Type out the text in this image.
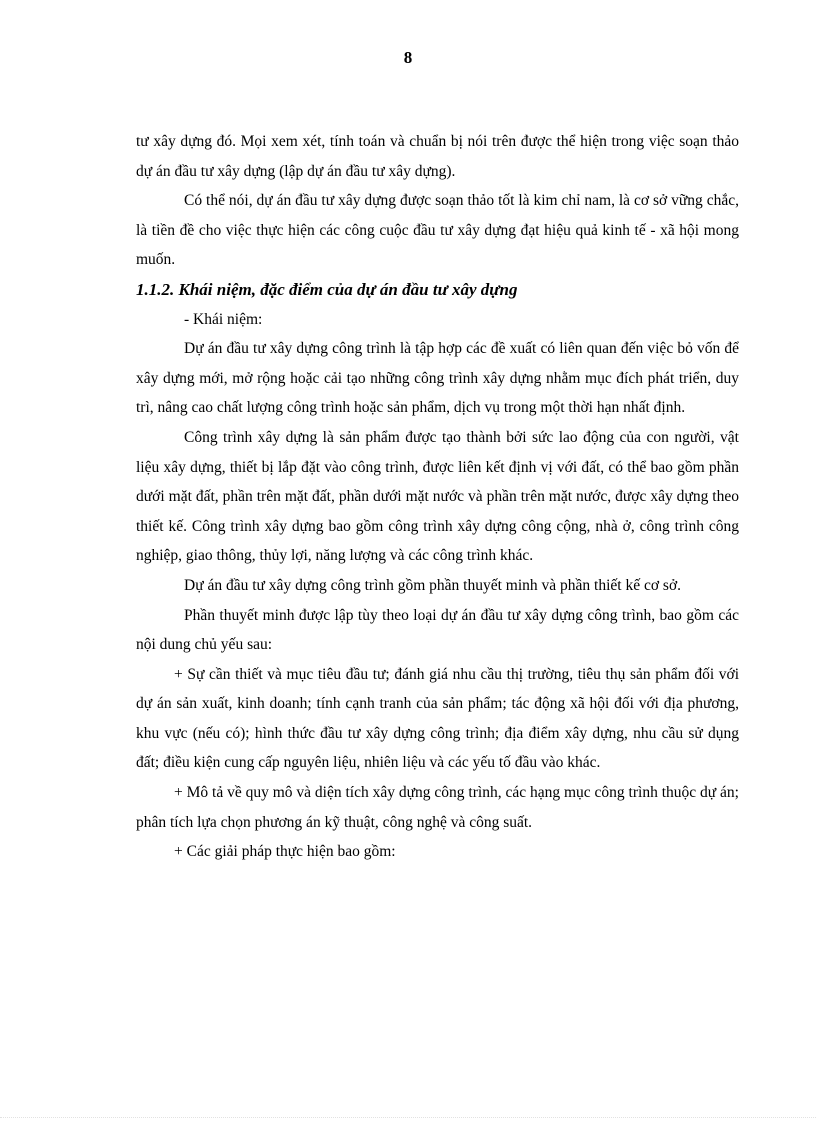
8

tư xây dựng đó. Mọi xem xét, tính toán và chuẩn bị nói trên được thể hiện trong việc soạn thảo dự án đầu tư xây dựng (lập dự án đầu tư xây dựng).

Có thể nói, dự án đầu tư xây dựng được soạn thảo tốt là kim chỉ nam, là cơ sở vững chắc, là tiền đề cho việc thực hiện các công cuộc đầu tư xây dựng đạt hiệu quả kinh tế - xã hội mong muốn.

1.1.2. Khái niệm, đặc điểm của dự án đầu tư xây dựng

- Khái niệm:

Dự án đầu tư xây dựng công trình là tập hợp các đề xuất có liên quan đến việc bỏ vốn để xây dựng mới, mở rộng hoặc cải tạo những công trình xây dựng nhằm mục đích phát triển, duy trì, nâng cao chất lượng công trình hoặc sản phẩm, dịch vụ trong một thời hạn nhất định.

Công trình xây dựng là sản phẩm được tạo thành bởi sức lao động của con người, vật liệu xây dựng, thiết bị lắp đặt vào công trình, được liên kết định vị với đất, có thể bao gồm phần dưới mặt đất, phần trên mặt đất, phần dưới mặt nước và phần trên mặt nước, được xây dựng theo thiết kế. Công trình xây dựng bao gồm công trình xây dựng công cộng, nhà ở, công trình công nghiệp, giao thông, thủy lợi, năng lượng và các công trình khác.

Dự án đầu tư xây dựng công trình gồm phần thuyết minh và phần thiết kế cơ sở.

Phần thuyết minh được lập tùy theo loại dự án đầu tư xây dựng công trình, bao gồm các nội dung chủ yếu sau:

+ Sự cần thiết và mục tiêu đầu tư; đánh giá nhu cầu thị trường, tiêu thụ sản phẩm đối với dự án sản xuất, kinh doanh; tính cạnh tranh của sản phẩm; tác động xã hội đối với địa phương, khu vực (nếu có); hình thức đầu tư xây dựng công trình; địa điểm xây dựng, nhu cầu sử dụng đất; điều kiện cung cấp nguyên liệu, nhiên liệu và các yếu tố đầu vào khác.

+ Mô tả về quy mô và diện tích xây dựng công trình, các hạng mục công trình thuộc dự án; phân tích lựa chọn phương án kỹ thuật, công nghệ và công suất.

+ Các giải pháp thực hiện bao gồm:
